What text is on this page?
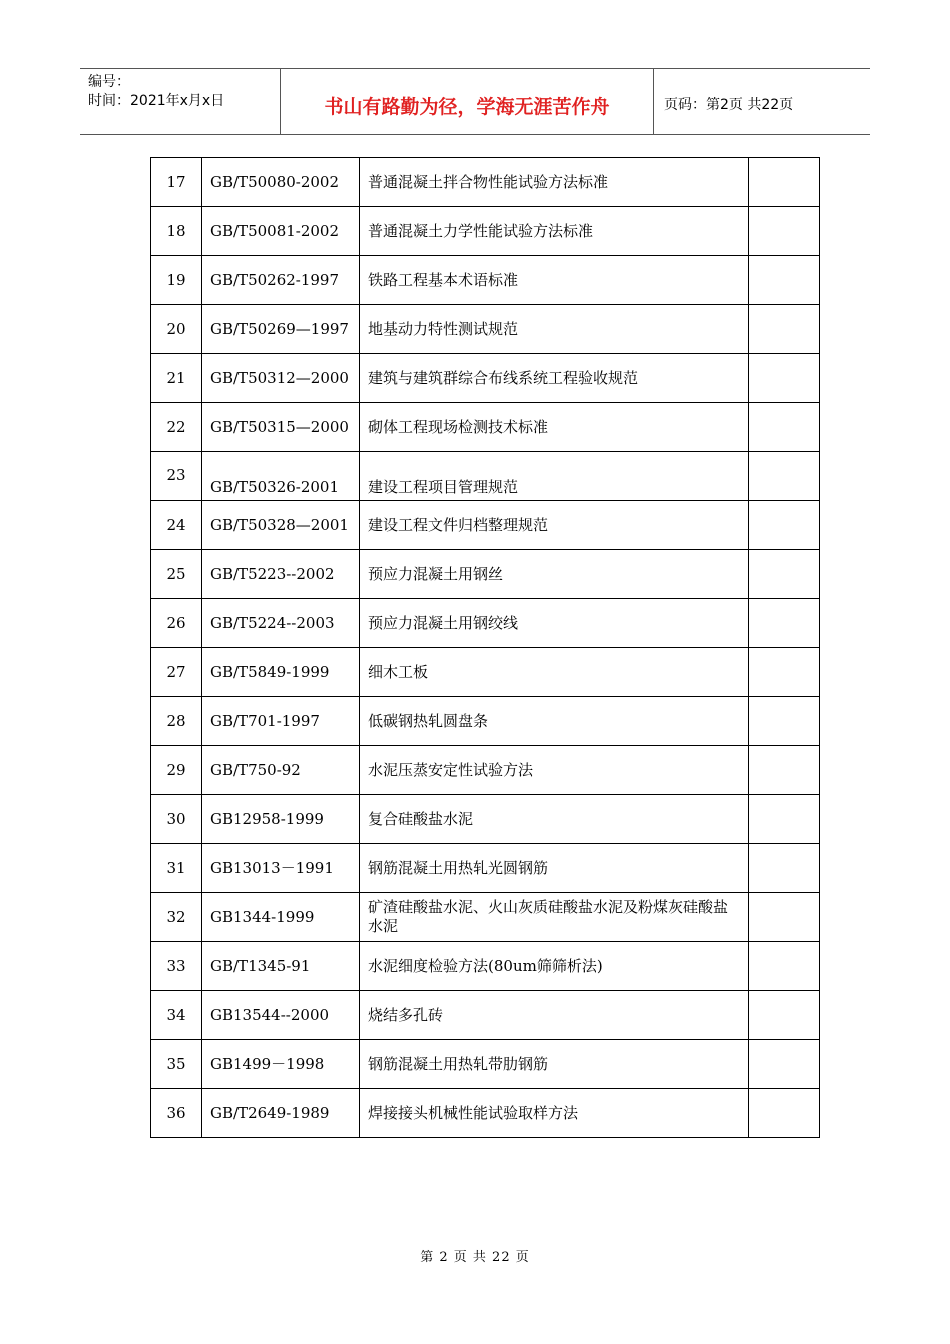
编号：
时间：2021年x月x日	书山有路勤为径，学海无涯苦作舟	页码：第2页 共22页
17	GB/T50080-2002	普通混凝土拌合物性能试验方法标准	
18	GB/T50081-2002	普通混凝土力学性能试验方法标准	
19	GB/T50262-1997	铁路工程基本术语标准	
20	GB/T50269—1997	地基动力特性测试规范	
21	GB/T50312—2000	建筑与建筑群综合布线系统工程验收规范	
22	GB/T50315—2000	砌体工程现场检测技术标准	
23	GB/T50326-2001	建设工程项目管理规范	
24	GB/T50328—2001	建设工程文件归档整理规范	
25	GB/T5223--2002	预应力混凝土用钢丝	
26	GB/T5224--2003	预应力混凝土用钢绞线	
27	GB/T5849-1999	细木工板	
28	GB/T701-1997	低碳钢热轧圆盘条	
29	GB/T750-92	水泥压蒸安定性试验方法	
30	GB12958-1999	复合硅酸盐水泥	
31	GB13013－1991	钢筋混凝土用热轧光圆钢筋	
32	GB1344-1999	矿渣硅酸盐水泥、火山灰质硅酸盐水泥及粉煤灰硅酸盐水泥	
33	GB/T1345-91	水泥细度检验方法(80um筛筛析法)	
34	GB13544--2000	烧结多孔砖	
35	GB1499－1998	钢筋混凝土用热轧带肋钢筋	
36	GB/T2649-1989	焊接接头机械性能试验取样方法	
第 2 页 共 22 页
